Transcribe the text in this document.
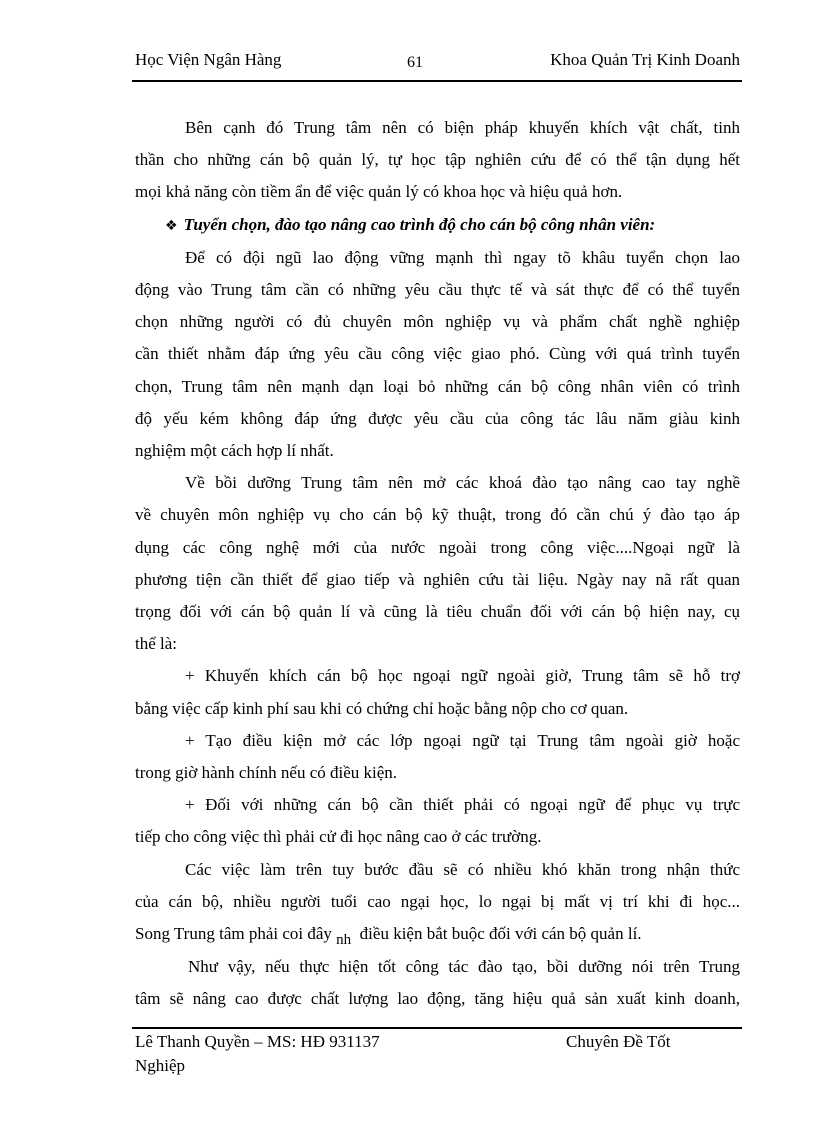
Học Viện Ngân Hàng	61	Khoa Quản Trị Kinh Doanh

Bên cạnh đó Trung tâm nên có biện pháp khuyến khích vật chất, tinh

thần cho những cán bộ quản lý, tự học tập nghiên cứu để có thể tận dụng hết

mọi khả năng còn tiềm ẩn để việc quản lý có khoa học và hiệu quả hơn.

❖ Tuyển chọn, đào tạo nâng cao trình độ cho cán bộ công nhân viên:

Để có đội ngũ lao động vững mạnh thì ngay tõ khâu tuyển chọn lao

động vào Trung tâm cần có những yêu cầu thực tế và sát thực để có thể tuyển

chọn những người có đủ chuyên môn nghiệp vụ và phẩm chất nghề nghiệp

cần thiết nhằm đáp ứng yêu cầu công việc giao phó. Cùng với quá trình tuyển

chọn, Trung tâm nên mạnh dạn loại bỏ những cán bộ công nhân viên có trình

độ yếu kém không đáp ứng được yêu cầu của công tác lâu năm giàu kinh

nghiệm một cách hợp lí nhất.

Về bồi dưỡng Trung tâm nên mở các khoá đào tạo nâng cao tay nghề

về chuyên môn nghiệp vụ cho cán bộ kỹ thuật, trong đó cần chú ý đào tạo áp

dụng các công nghệ mới của nước ngoài trong công việc....Ngoại ngữ là

phương tiện cần thiết để giao tiếp và nghiên cứu tài liệu. Ngày nay nã rất quan

trọng đối với cán bộ quản lí và cũng là tiêu chuẩn đối với cán bộ hiện nay, cụ

thể là:

+ Khuyến khích cán bộ học ngoại ngữ ngoài giờ, Trung tâm sẽ hỗ trợ

bằng việc cấp kinh phí sau khi có chứng chỉ hoặc bằng nộp cho cơ quan.

+ Tạo điều kiện mở các lớp ngoại ngữ tại Trung tâm ngoài giờ hoặc

trong giờ hành chính nếu có điều kiện.

+ Đối với những cán bộ cần thiết phải có ngoại ngữ để phục vụ trực

tiếp cho công việc thì phải cử đi học nâng cao ở các trường.

Các việc làm trên tuy bước đầu sẽ có nhiều khó khăn trong nhận thức

của cán bộ, nhiều người tuổi cao ngại học, lo ngại bị mất vị trí khi đi học...

Song Trung tâm phải coi đây nh điều kiện bắt buộc đối với cán bộ quản lí.

Như vậy, nếu thực hiện tốt công tác đào tạo, bồi dưỡng nói trên Trung

tâm sẽ nâng cao được chất lượng lao động, tăng hiệu quả sản xuất kinh doanh,

Lê Thanh Quyền – MS: HĐ 931137	Chuyên Đề Tốt
Nghiệp
